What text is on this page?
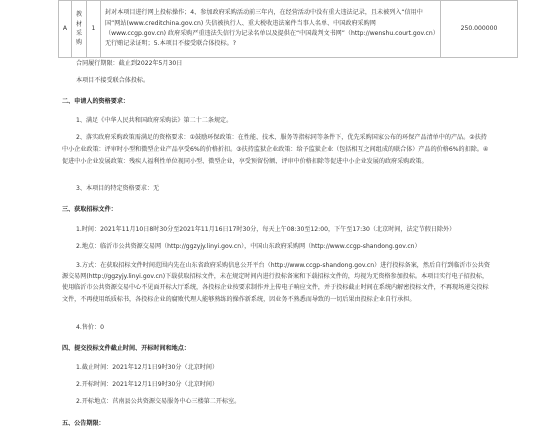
A	教
材
采
购	1	封对本项目进行网上投标操作；4、参加政府采购活动前三年内，在经营活动中没有重大违法记录，且未被列入“信用中国”网站(www.creditchina.gov.cn) 失信被执行人、重大税收违法案件当事人名单、中国政府采购网（www.ccgp.gov.cn) 政府采购严重违法失信行为记录名单以及提供在“中国裁判文书网”（http://wenshu.court.gov.cn）无行贿记录证明；5.本项目不接受联合体投标。?	250.000000
合同履行期限：截止到2022年5月30日
本项目不接受联合体投标。
二、申请人的资格要求：
1、满足《中华人民共和国政府采购法》第二十二条规定。
2、落实政府采购政策需满足的资格要求：①鼓励环保政策：在性能、技术、服务等指标同等条件下，优先采购国家公布的环保产品清单中的产品。②扶持中小企业政策：评审时小型和微型企业产品享受6%的价格折扣。③扶持监狱企业政策：给予监狱企业（包括相互之间组成的联合体）产品的价格6%的扣除。④促进中小企业发展政策：残疾人福利性单位视同小型、微型企业，享受预留份额、评审中价格扣除等促进中小企业发展的政府采购政策。
3、本项目的特定资格要求：无
三、获取招标文件：
1.时间：2021年11月10日8时30分至2021年11月16日17时30分，每天上午08:30至12:00，下午至17:30（北京时间，法定节假日除外）
2.地点：临沂市公共资源交易网（http://ggzyjy.linyi.gov.cn），中国山东政府采购网（http://www.ccgp-shandong.gov.cn）
3.方式：在获取招标文件时间范围内先在山东省政府采购信息公开平台（http://www.ccgp-shandong.gov.cn）进行投标备案，然后自行到临沂市公共资源交易网(http://ggzyjy.linyi.gov.cn)下载获取招标文件，未在规定时间内进行投标备案和下载招标文件的，均视为无资格参加投标。本项目实行电子招投标，使用临沂市公共资源交易中心不见面开标大厅系统，各投标企业按要求制作并上传电子响应文件，并于投标截止时间在系统内解密投标文件，不再现场递交投标文件，不再使用纸质标书，各投标企业的腐败代理人能够熟练的操作新系统，因业务不熟悉而导致的一切后果由投标企业自行承担。
4.售价：0
四、提交投标文件截止时间、开标时间和地点：
1.截止时间：2021年12月1日9时30分（北京时间）
2.开标时间：2021年12月1日9时30分（北京时间）
2.开标地点：莒南县公共资源交易服务中心三楼第二开标室。
五、公告期限：
